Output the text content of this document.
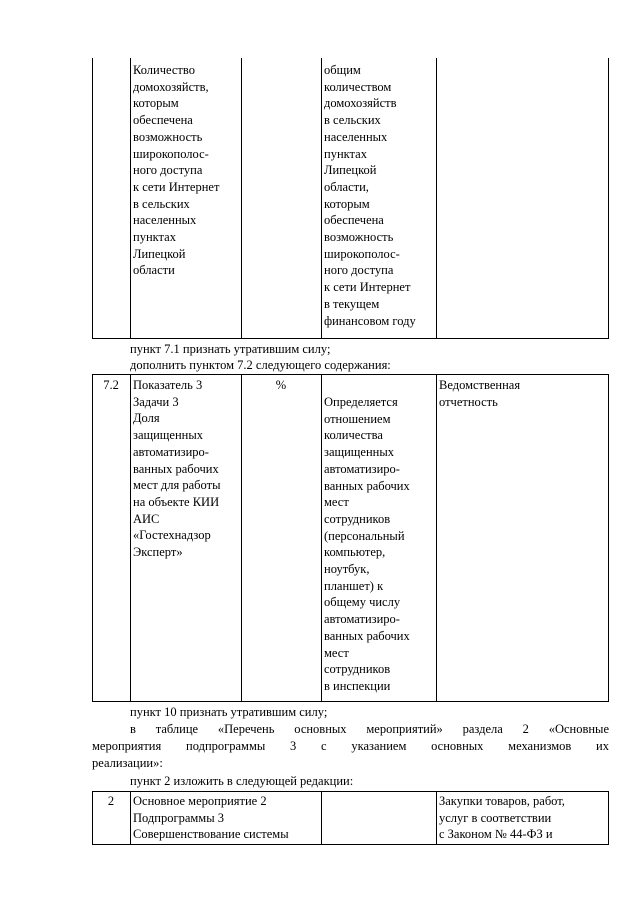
Количество
домохозяйств,
которым
обеспечена
возможность
широкополос-
ного доступа
к сети Интернет
в сельских
населенных
пунктах
Липецкой
области
общим
количеством
домохозяйств
в сельских
населенных
пунктах
Липецкой
области,
которым
обеспечена
возможность
широкополос-
ного доступа
к сети Интернет
в текущем
финансовом году
пункт 7.1 признать утратившим силу;
дополнить пунктом 7.2 следующего содержания:
7.2	Показатель 3
Задачи 3
Доля
защищенных
автоматизиро-
ванных рабочих
мест для работы
на объекте КИИ
АИС
«Гостехнадзор
Эксперт»
%
Определяется
отношением
количества
защищенных
автоматизиро-
ванных рабочих
мест
сотрудников
(персональный
компьютер,
ноутбук,
планшет) к
общему числу
автоматизиро-
ванных рабочих
мест
сотрудников
в инспекции
Ведомственная
отчетность
пункт 10 признать утратившим силу;
в таблице «Перечень основных мероприятий» раздела 2 «Основные
мероприятия подпрограммы 3 с указанием основных механизмов их
реализации»:
пункт 2 изложить в следующей редакции:
2	Основное мероприятие 2
Подпрограммы 3
Совершенствование системы
Закупки товаров, работ,
услуг в соответствии
с Законом № 44-ФЗ и
